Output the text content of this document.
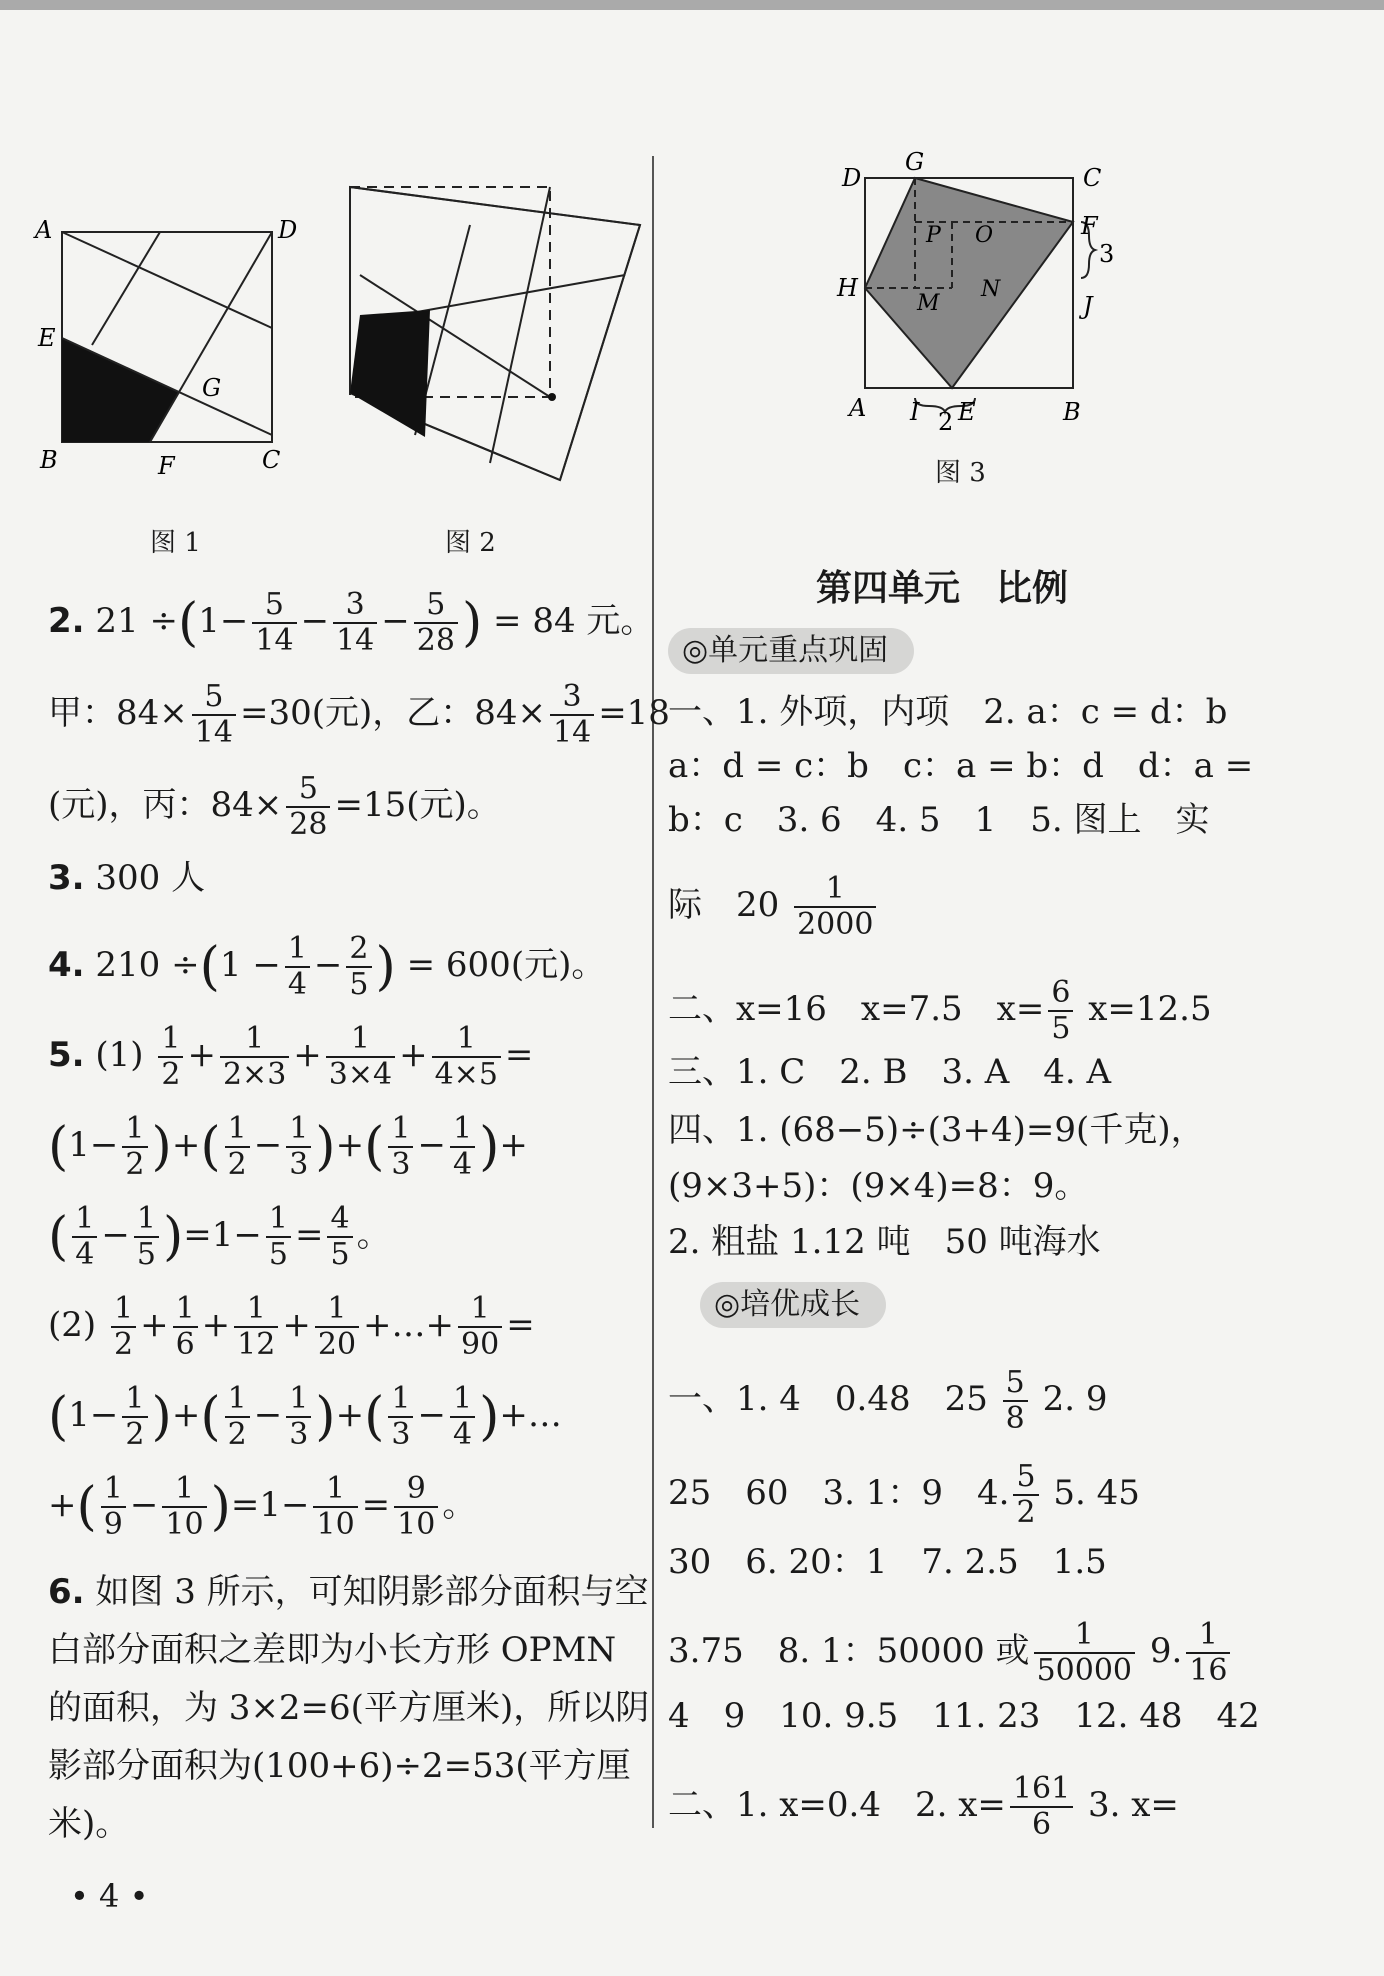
A	D
E
G
B	F	C
图 1	图 2
D
G
C
F
P O
3
H
M
N
J
A I 2 E	B
图 3
2. $21 \div(1- \frac{5}{14} - \frac{3}{14} - \frac{5}{28}$ ) = 84 元。
甲：$84\times \frac{5}{14} =30$(元)，乙：$84\times \frac{3}{14} =18$
(元)，丙：$84\times \frac{5}{28} =15$(元)。
3. 300 人
4. $210 \div(1 - \frac{1}{4} - \frac{2}{5}$ ) = 600(元)。
5. $(1) \frac{1}{2} + \frac{1}{2\times 3} + \frac{1}{3\times 4} + \frac{1}{4\times 5}$ =
($1- \frac{1}{2}$ )+( $\frac{1}{2} - \frac{1}{3}$ )+( $\frac{1}{3} - \frac{1}{4}$ )+
( $\frac{1}{4} - \frac{1}{5} )=1- \frac{1}{5} = \frac{4}{5}$ 。
$(2) \frac{1}{2} + \frac{1}{6} + \frac{1}{12} + \frac{1}{20}$ +…+ $\frac{1}{90}$ =
($1- \frac{1}{2}$ )+( $\frac{1}{2} - \frac{1}{3}$ )+( $\frac{1}{3} - \frac{1}{4}$ )+…
+( $\frac{1}{9} - \frac{1}{10} )=1- \frac{1}{10} = \frac{9}{10}$ 。
6. 如图 3 所示，可知阴影部分面积与空
白部分面积之差即为小长方形 OPMN
的面积，为 3×2=6(平方厘米)，所以阴
影部分面积为(100+6)÷2=53(平方厘
米)。
第四单元　比例
◎单元重点巩固
一、1. 外项，内项　2. a：c = d：b
a：d = c：b　c：a = b：d　d：a =
b：c　3. 6　4. 5　1　5. 图上　实
际　$20 \frac{1}{2000}$
二、x=16　x=7.5　$x= \frac{6}{5} x=12.5$
三、1. C　2. B　3. A　4. A
四、1. (68−5)÷(3+4)=9(千克)，
(9×3+5)：(9×4)=8：9。
2. 粗盐 1.12 吨　50 吨海水
◎培优成长
一、1. 4　0.48　$25 \frac{5}{8} 2$. 9
25　60　3. 1：9　4. $\frac{5}{2} 5$. 45
30　6. 20：1　7. 2.5　1.5
3.75　8. 1：50000 或 $\frac{1}{50000} 9$. $\frac{1}{16}$
4　9　10. 9.5　11. 23　12. 48　42
二、1. x=0.4　2. $x= \frac{161}{6} 3$. x=
• 4 •
